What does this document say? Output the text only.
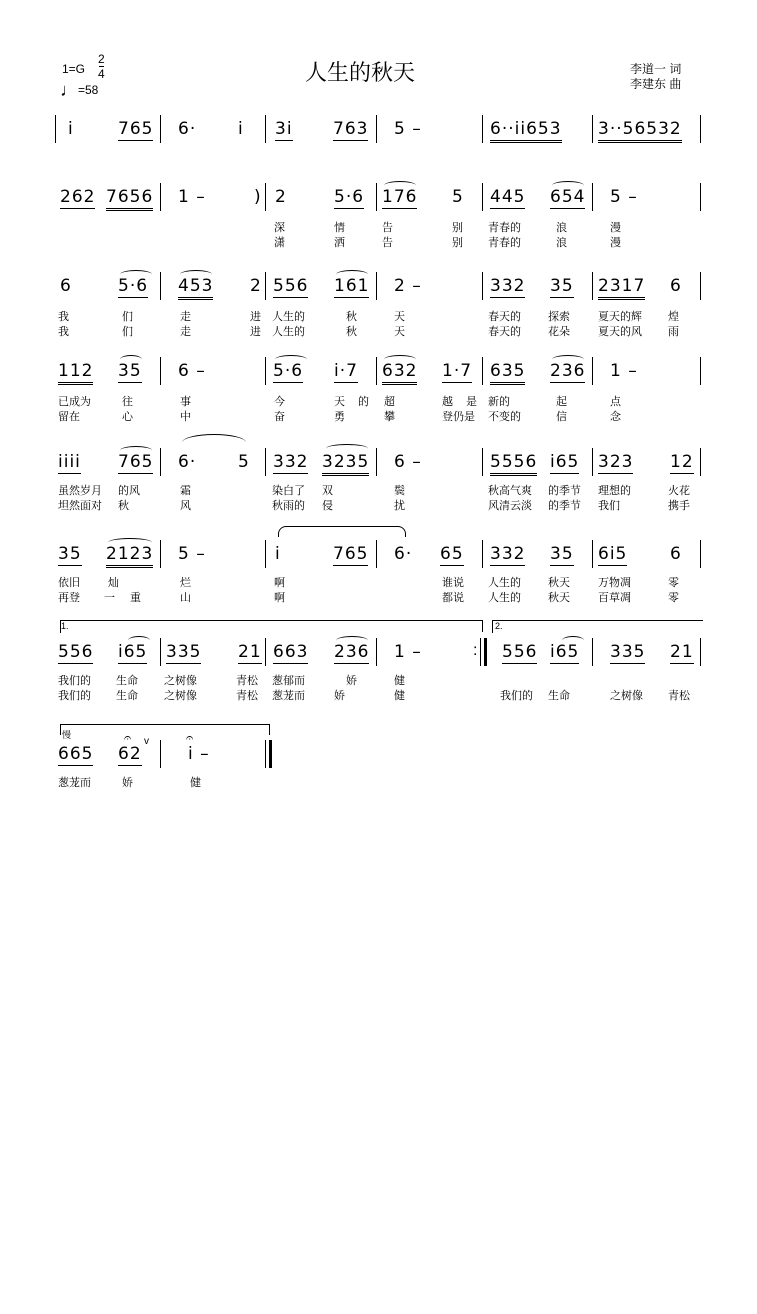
人生的秋天	李道一 词
李建东 曲
1=G
2
4
♩=58
i	765 6· i 3i 763 5 –	6··ii653 3··56532
262 7656 1 –	) 2	5·6 176 5 445 654 5 –
深	情	告	别 青春的	浪	漫
潇	洒	告	别 青春的	浪	漫
6	5·6 453 2 556 161 2 –	332 35 2317 6
我	们	走	进 人生的	秋	天	春天的 探索	夏天的辉 煌
我	们	走	进 人生的	秋	天	春天的 花朵	夏天的风 雨
112 35 6 –	5·6 i·7 632 1·7 635 236 1 –
已成为	往	事	今	天 的 超	越 是 新的	起	点
留在	心	中	奋	勇	攀	登仍是 不变的	信	念
iiii 765 6· 5 332 3235 6 –	5556 i65 323 12
虽然岁月 的风	霜	染白了 双	鬓	秋高气爽 的季节 理想的	火花
坦然面对 秋	风	秋雨的 侵	扰	风清云淡 的季节 我们	携手
35 2123 5 –	i	765 6· 65 332 35 6i5	6
依旧	灿	烂	啊	谁说 人生的 秋天	万物凋	零
再登 一 重	山	啊	都说 人生的 秋天	百草凋	零
1.	2.
556 i65 335 21 663 236 1 –	: 556 i65 335 21
我们的 生命 之树像	青松 葱郁而	娇	健
我们的 生命 之树像	青松 葱茏而	娇	健	我们的 生命	之树像 青松
慢
665
𝄐 v
62
𝄐
i –
葱茏而	娇	健
